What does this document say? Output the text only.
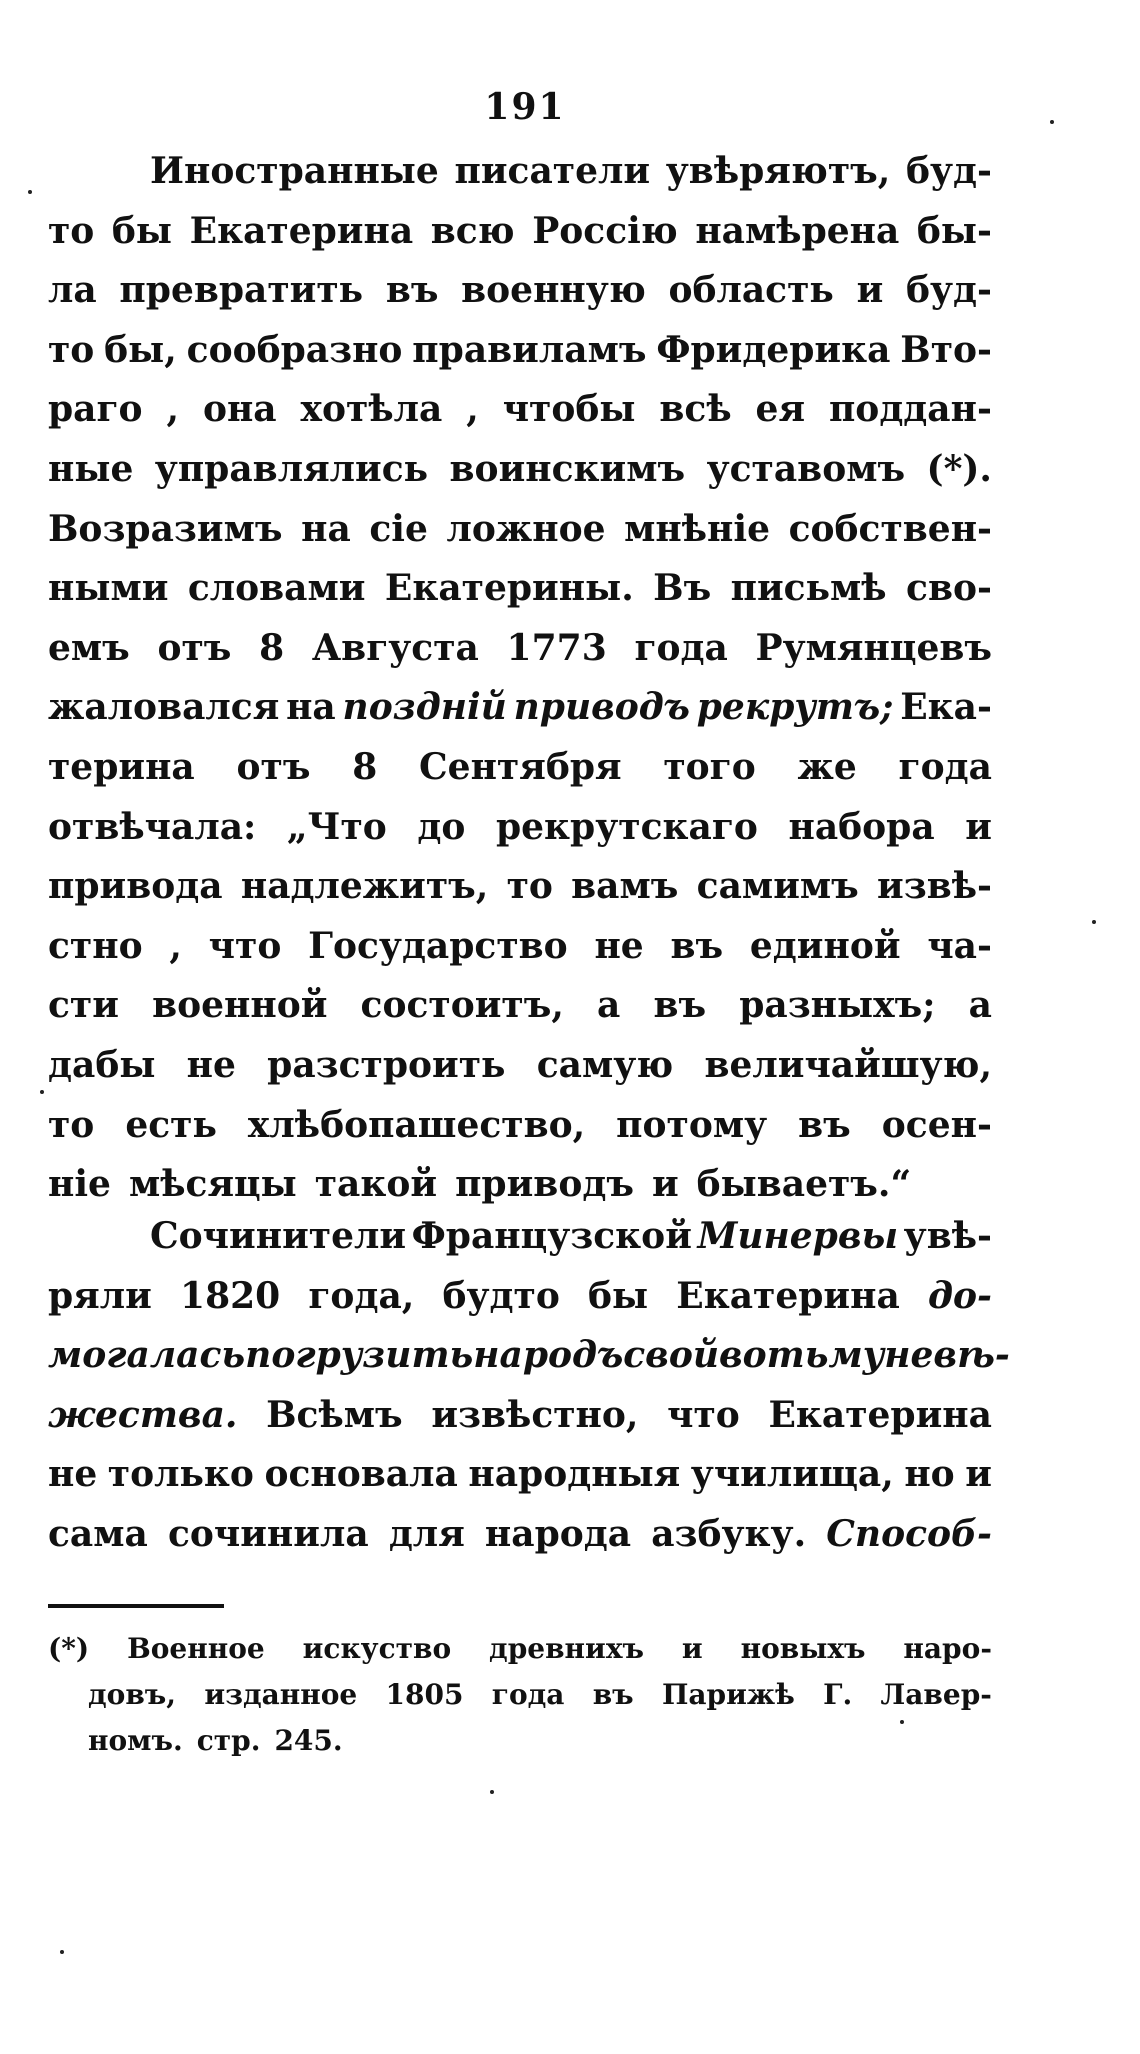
191
Иностранные писатели увѣряютъ, буд-
то бы Екатерина всю Россію намѣрена бы-
ла превратить въ военную область и буд-
то бы, сообразно правиламъ Фридерика Вто-
раго , она хотѣла , чтобы всѣ ея поддан-
ные управлялись воинскимъ уставомъ (*).
Возразимъ на сіе ложное мнѣніе собствен-
ными словами Екатерины. Въ письмѣ сво-
емъ отъ 8 Августа 1773 года Румянцевъ
жаловался на поздній приводъ рекрутъ; Ека-
терина отъ 8 Сентября того же года
отвѣчала: „Что до рекрутскаго набора и
привода надлежитъ, то вамъ самимъ извѣ-
стно , что Государство не въ единой ча-
сти военной состоитъ, а въ разныхъ; а
дабы не разстроить самую величайшую,
то есть хлѣбопашество, потому въ осен-
ніе мѣсяцы такой приводъ и бываетъ.“
Сочинители Французской Минервы увѣ-
ряли 1820 года, будто бы Екатерина до-
могалась погрузить народъ свой во тьму невѣ-
жества. Всѣмъ извѣстно, что Екатерина
не только основала народныя училища, но и
сама сочинила для народа азбуку. Способ-
(*) Военное искуство древнихъ и новыхъ наро-
довъ, изданное 1805 года въ Парижѣ Г. Лавер-
номъ. стр. 245.
